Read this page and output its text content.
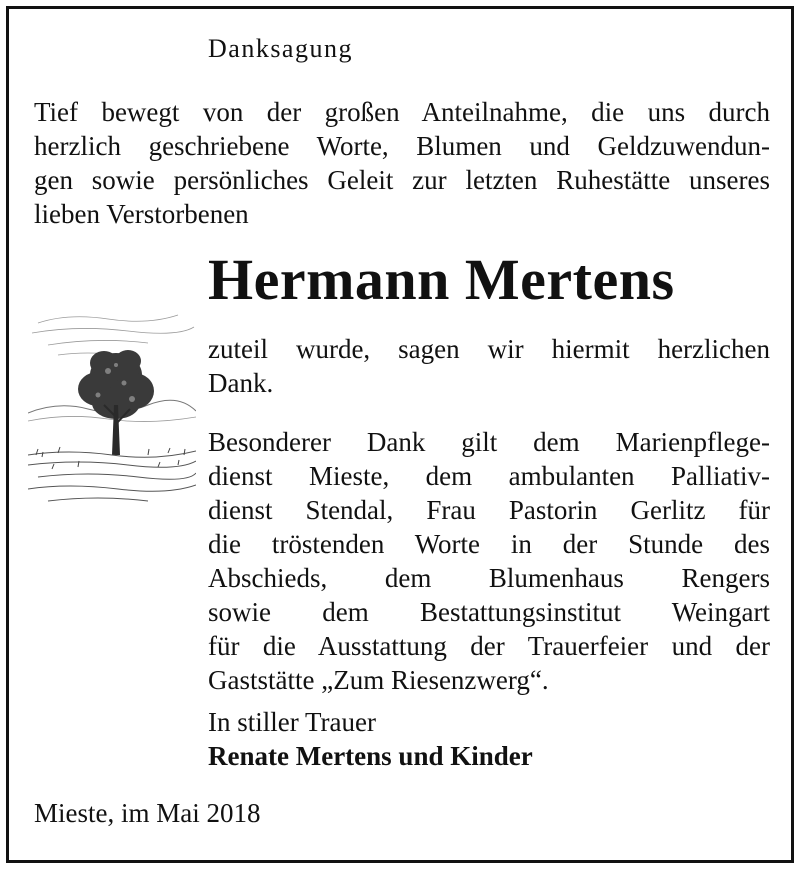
Danksagung
Tief bewegt von der großen Anteilnahme, die uns durch
herzlich geschriebene Worte, Blumen und Geldzuwendun-
gen sowie persönliches Geleit zur letzten Ruhestätte unseres
lieben Verstorbenen
Hermann Mertens
zuteil wurde, sagen wir hiermit herzlichen
Dank.
Besonderer Dank gilt dem Marienpflege-
dienst Mieste, dem ambulanten Palliativ-
dienst Stendal, Frau Pastorin Gerlitz für
die tröstenden Worte in der Stunde des
Abschieds, dem Blumenhaus Rengers
sowie dem Bestattungsinstitut Weingart
für die Ausstattung der Trauerfeier und der
Gaststätte „Zum Riesenzwerg“.
In stiller Trauer
Renate Mertens und Kinder
Mieste, im Mai 2018
